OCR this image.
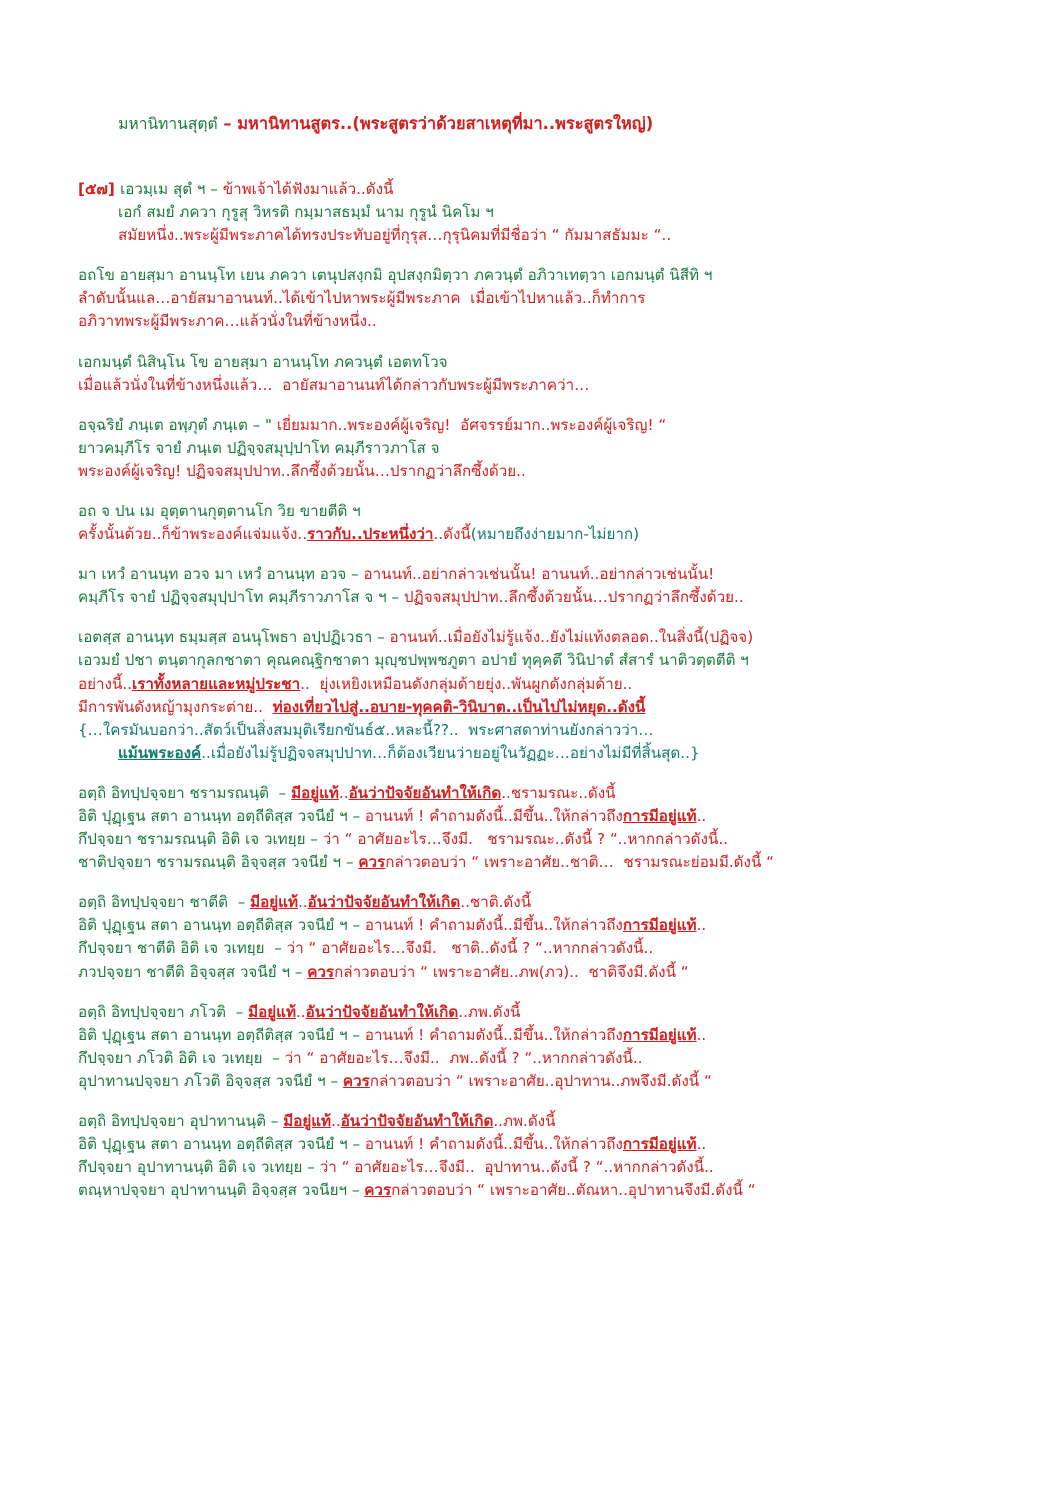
มหานิทานสุตฺตํ – มหานิทานสูตร..(พระสูตรว่าด้วยสาเหตุที่มา..พระสูตรใหญ่)

[๕๗] เอวมฺเม สุตํ ฯ – ข้าพเจ้าได้ฟังมาแล้ว..ดังนี้
เอกํ สมยํ ภควา กุรูสุ วิหรติ กมฺมาสธมฺมํ นาม กุรูนํ นิคโม ฯ
สมัยหนึ่ง..พระผู้มีพระภาคได้ทรงประทับอยู่ที่กุรุส…กุรุนิคมที่มีชื่อว่า “ กัมมาสธัมมะ “..
อถโข อายสฺมา อานนฺโท เยน ภควา เตนุปสงฺกมิ อุปสงฺกมิตฺวา ภควนฺตํ อภิวาเทตฺวา เอกมนฺตํ นิสีทิ ฯ
ลำดับนั้นแล…อายัสมาอานนท์..ได้เข้าไปหาพระผู้มีพระภาค  เมื่อเข้าไปหาแล้ว..ก็ทำการ
อภิวาทพระผู้มีพระภาค…แล้วนั่งในที่ข้างหนึ่ง..
เอกมนฺตํ นิสินฺโน โข อายสฺมา อานนฺโท ภควนฺตํ เอตทโวจ
เมื่อแล้วนั่งในที่ข้างหนึ่งแล้ว…  อายัสมาอานนท์ได้กล่าวกับพระผู้มีพระภาคว่า…
อจฺฉริยํ ภนฺเต อพฺภุตํ ภนฺเต – " เยี่ยมมาก..พระองค์ผู้เจริญ!  อัศจรรย์มาก..พระองค์ผู้เจริญ! “
ยาวคมฺภีโร จายํ ภนฺเต ปฏิจฺจสมุปฺปาโท คมฺภีราวภาโส จ
พระองค์ผู้เจริญ! ปฏิจจสมุปปาท..ลึกซึ้งด้วยนั้น…ปรากฏว่าลึกซึ้งด้วย..
อถ จ ปน เม อุตฺตานกุตฺตานโก วิย ขายตีติ ฯ
ครั้งนั้นด้วย..ก็ข้าพระองค์แจ่มแจ้ง..ราวกับ..ประหนึ่งว่า..ดังนี้(หมายถึงง่ายมาก-ไม่ยาก)
มา เหวํ อานนฺท อวจ มา เหวํ อานนฺท อวจ – อานนท์..อย่ากล่าวเช่นนั้น! อานนท์..อย่ากล่าวเช่นนั้น!
คมฺภีโร จายํ ปฏิจฺจสมุปฺปาโท คมฺภีราวภาโส จ ฯ – ปฏิจจสมุปปาท..ลึกซึ้งด้วยนั้น…ปรากฏว่าลึกซึ้งด้วย..
เอตสฺส อานนฺท ธมฺมสฺส อนนุโพธา อปฺปฏิเวธา – อานนท์..เมื่อยังไม่รู้แจ้ง..ยังไม่แท้งตลอด..ในสิ่งนี้(ปฏิจจ)
เอวมยํ ปชา ตนฺตากุลกชาตา คุณคณฺฐิกชาตา มุญฺชปพฺพชภูตา อปายํ ทุคฺคตึ วินิปาตํ สํสารํ นาติวตฺตตีติ ฯ
อย่างนี้..เราทั้งหลายและหมู่ประชา..  ยุ่งเหยิงเหมือนดังกลุ่มด้ายยุ่ง..พันผูกดังกลุ่มด้าย..
มีการพันดังหญ้ามุงกระต่าย..  ท่องเที่ยวไปสู่..อบาย-ทุคคติ-วินิบาต..เป็นไปไม่หยุด..ดังนี้
{…ใครมันบอกว่า..สัตว์เป็นสิ่งสมมุติเรียกขันธ์๕..หละนี้??..  พระศาสดาท่านยังกล่าวว่า…
แม้นพระองค์..เมื่อยังไม่รู้ปฏิจจสมุปปาท…ก็ต้องเวียนว่ายอยู่ในวัฏฏะ…อย่างไม่มีที่สิ้นสุด..}
อตฺถิ อิทปฺปจฺจยา ชรามรณนฺติ  – มีอยู่แท้..อันว่าปัจจัยอันทำให้เกิด..ชรามรณะ..ดังนี้
อิติ ปุฏฺเฐน สตา อานนฺท อตฺถีติสฺส วจนียํ ฯ – อานนท์ ! คำถามดังนี้..มีขึ้น..ให้กล่าวถึงการมีอยู่แท้..
กึปจฺจยา ชรามรณนฺติ อิติ เจ วเทยฺย – ว่า “ อาศัยอะไร…จึงมี.   ชรามรณะ..ดังนี้ ? “..หากกล่าวดังนี้..
ชาติปจฺจยา ชรามรณนฺติ อิจฺจสฺส วจนียํ ฯ – ควรกล่าวตอบว่า “ เพราะอาศัย..ชาติ…  ชรามรณะย่อมมี.ดังนี้ “
อตฺถิ อิทปฺปจฺจยา ชาตีติ  – มีอยู่แท้..อันว่าปัจจัยอันทำให้เกิด..ชาติ.ดังนี้
อิติ ปุฏฺเฐน สตา อานนฺท อตฺถีติสฺส วจนียํ ฯ – อานนท์ ! คำถามดังนี้..มีขึ้น..ให้กล่าวถึงการมีอยู่แท้..
กึปจฺจยา ชาตีติ อิติ เจ วเทยฺย  – ว่า “ อาศัยอะไร…จึงมี.   ชาติ..ดังนี้ ? “..หากกล่าวดังนี้..
ภวปจฺจยา ชาตีติ อิจฺจสฺส วจนียํ ฯ – ควรกล่าวตอบว่า “ เพราะอาศัย..ภพ(ภว)..  ชาติจึงมี.ดังนี้ “
อตฺถิ อิทปฺปจฺจยา ภโวติ  – มีอยู่แท้..อันว่าปัจจัยอันทำให้เกิด..ภพ.ดังนี้
อิติ ปุฏฺเฐน สตา อานนฺท อตฺถีติสฺส วจนียํ ฯ – อานนท์ ! คำถามดังนี้..มีขึ้น..ให้กล่าวถึงการมีอยู่แท้..
กึปจฺจยา ภโวติ อิติ เจ วเทยฺย  – ว่า “ อาศัยอะไร…จึงมี..  ภพ..ดังนี้ ? “..หากกล่าวดังนี้..
อุปาทานปจฺจยา ภโวติ อิจฺจสฺส วจนียํ ฯ – ควรกล่าวตอบว่า “ เพราะอาศัย..อุปาทาน..ภพจึงมี.ดังนี้ “
อตฺถิ อิทปฺปจฺจยา อุปาทานนฺติ – มีอยู่แท้..อันว่าปัจจัยอันทำให้เกิด..ภพ.ดังนี้
อิติ ปุฏฺเฐน สตา อานนฺท อตฺถีติสฺส วจนียํ ฯ – อานนท์ ! คำถามดังนี้..มีขึ้น..ให้กล่าวถึงการมีอยู่แท้..
กึปจฺจยา อุปาทานนฺติ อิติ เจ วเทยฺย – ว่า “ อาศัยอะไร…จึงมี..  อุปาทาน..ดังนี้ ? “..หากกล่าวดังนี้..
ตณฺหาปจฺจยา อุปาทานนฺติ อิจฺจสฺส วจนียฯ – ควรกล่าวตอบว่า “ เพราะอาศัย..ตัณหา..อุปาทานจึงมี.ดังนี้ “
